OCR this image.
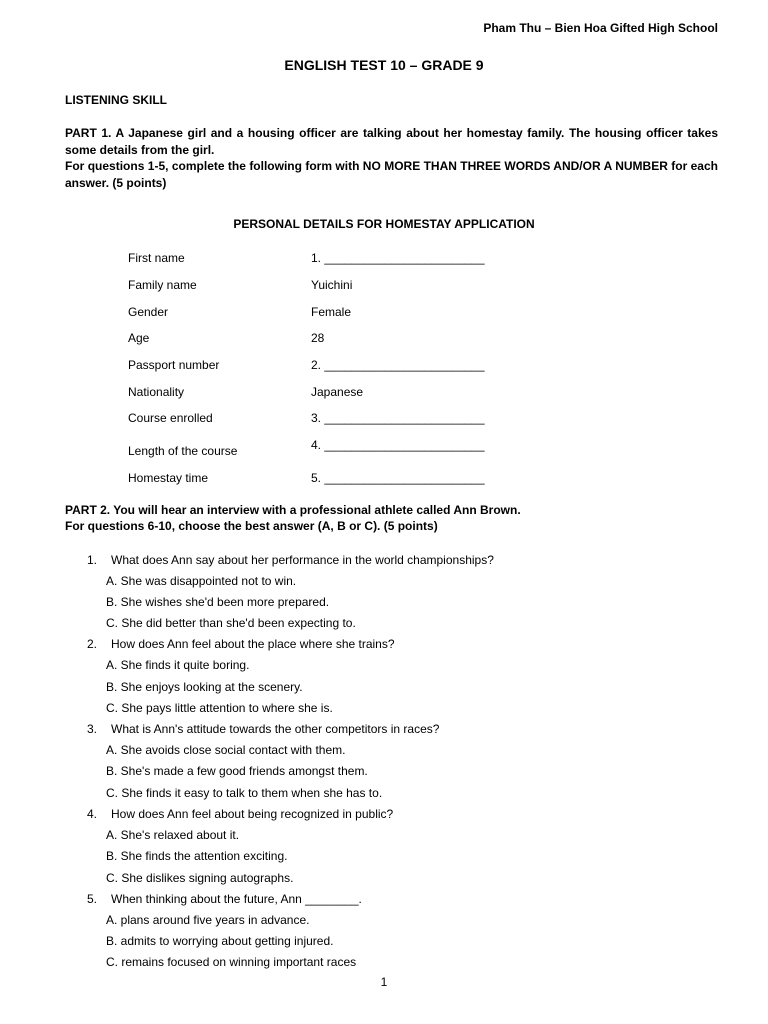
Pham Thu – Bien Hoa Gifted High School
ENGLISH TEST 10 – GRADE 9
LISTENING SKILL
PART 1. A Japanese girl and a housing officer are talking about her homestay family. The housing officer takes some details from the girl.
For questions 1-5, complete the following form with NO MORE THAN THREE WORDS AND/OR A NUMBER for each answer. (5 points)
PERSONAL DETAILS FOR HOMESTAY APPLICATION
First name	1. ________________________
Family name	Yuichini
Gender	Female
Age	28
Passport number	2. ________________________
Nationality	Japanese
Course enrolled	3. ________________________
Length of the course	4. ________________________
Homestay time	5. ________________________
PART 2. You will hear an interview with a professional athlete called Ann Brown.
For questions 6-10, choose the best answer (A, B or C). (5 points)
1. What does Ann say about her performance in the world championships?
A. She was disappointed not to win.
B. She wishes she'd been more prepared.
C. She did better than she'd been expecting to.
2. How does Ann feel about the place where she trains?
A. She finds it quite boring.
B. She enjoys looking at the scenery.
C. She pays little attention to where she is.
3. What is Ann's attitude towards the other competitors in races?
A. She avoids close social contact with them.
B. She's made a few good friends amongst them.
C. She finds it easy to talk to them when she has to.
4. How does Ann feel about being recognized in public?
A. She's relaxed about it.
B. She finds the attention exciting.
C. She dislikes signing autographs.
5. When thinking about the future, Ann ________.
A. plans around five years in advance.
B. admits to worrying about getting injured.
C. remains focused on winning important races
1
